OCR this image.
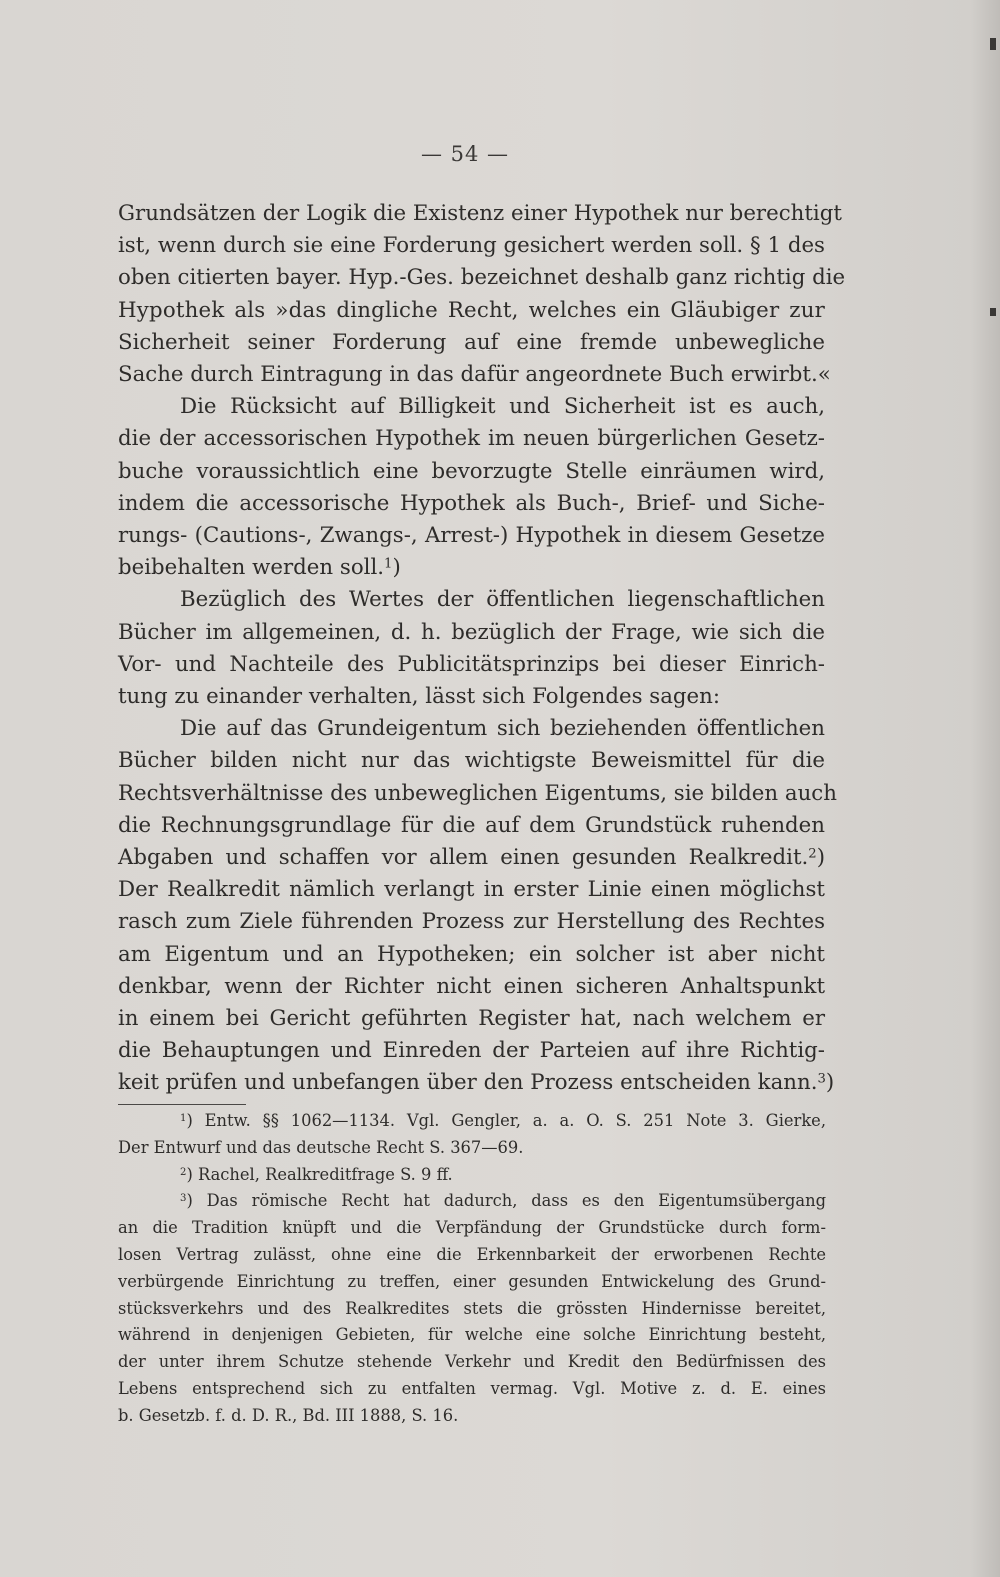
— 54 —
Grundsätzen der Logik die Existenz einer Hypothek nur berechtigt
ist, wenn durch sie eine Forderung gesichert werden soll. § 1 des
oben citierten bayer. Hyp.-Ges. bezeichnet deshalb ganz richtig die
Hypothek als »das dingliche Recht, welches ein Gläubiger zur
Sicherheit seiner Forderung auf eine fremde unbewegliche
Sache durch Eintragung in das dafür angeordnete Buch erwirbt.«
Die Rücksicht auf Billigkeit und Sicherheit ist es auch,
die der accessorischen Hypothek im neuen bürgerlichen Gesetz-
buche voraussichtlich eine bevorzugte Stelle einräumen wird,
indem die accessorische Hypothek als Buch-, Brief- und Siche-
rungs- (Cautions-, Zwangs-, Arrest-) Hypothek in diesem Gesetze
beibehalten werden soll.$^1$)
Bezüglich des Wertes der öffentlichen liegenschaftlichen
Bücher im allgemeinen, d. h. bezüglich der Frage, wie sich die
Vor- und Nachteile des Publicitätsprinzips bei dieser Einrich-
tung zu einander verhalten, lässt sich Folgendes sagen:
Die auf das Grundeigentum sich beziehenden öffentlichen
Bücher bilden nicht nur das wichtigste Beweismittel für die
Rechtsverhältnisse des unbeweglichen Eigentums, sie bilden auch
die Rechnungsgrundlage für die auf dem Grundstück ruhenden
Abgaben und schaffen vor allem einen gesunden Realkredit.$^2$)
Der Realkredit nämlich verlangt in erster Linie einen möglichst
rasch zum Ziele führenden Prozess zur Herstellung des Rechtes
am Eigentum und an Hypotheken; ein solcher ist aber nicht
denkbar, wenn der Richter nicht einen sicheren Anhaltspunkt
in einem bei Gericht geführten Register hat, nach welchem er
die Behauptungen und Einreden der Parteien auf ihre Richtig-
keit prüfen und unbefangen über den Prozess entscheiden kann.$^3$)
$^1$) Entw. §§ 1062—1134. Vgl. Gengler, a. a. O. S. 251 Note 3. Gierke,
Der Entwurf und das deutsche Recht S. 367—69.
$^2$) Rachel, Realkreditfrage S. 9 ff.
$^3$) Das römische Recht hat dadurch, dass es den Eigentumsübergang
an die Tradition knüpft und die Verpfändung der Grundstücke durch form-
losen Vertrag zulässt, ohne eine die Erkennbarkeit der erworbenen Rechte
verbürgende Einrichtung zu treffen, einer gesunden Entwickelung des Grund-
stücksverkehrs und des Realkredites stets die grössten Hindernisse bereitet,
während in denjenigen Gebieten, für welche eine solche Einrichtung besteht,
der unter ihrem Schutze stehende Verkehr und Kredit den Bedürfnissen des
Lebens entsprechend sich zu entfalten vermag. Vgl. Motive z. d. E. eines
b. Gesetzb. f. d. D. R., Bd. III 1888, S. 16.
